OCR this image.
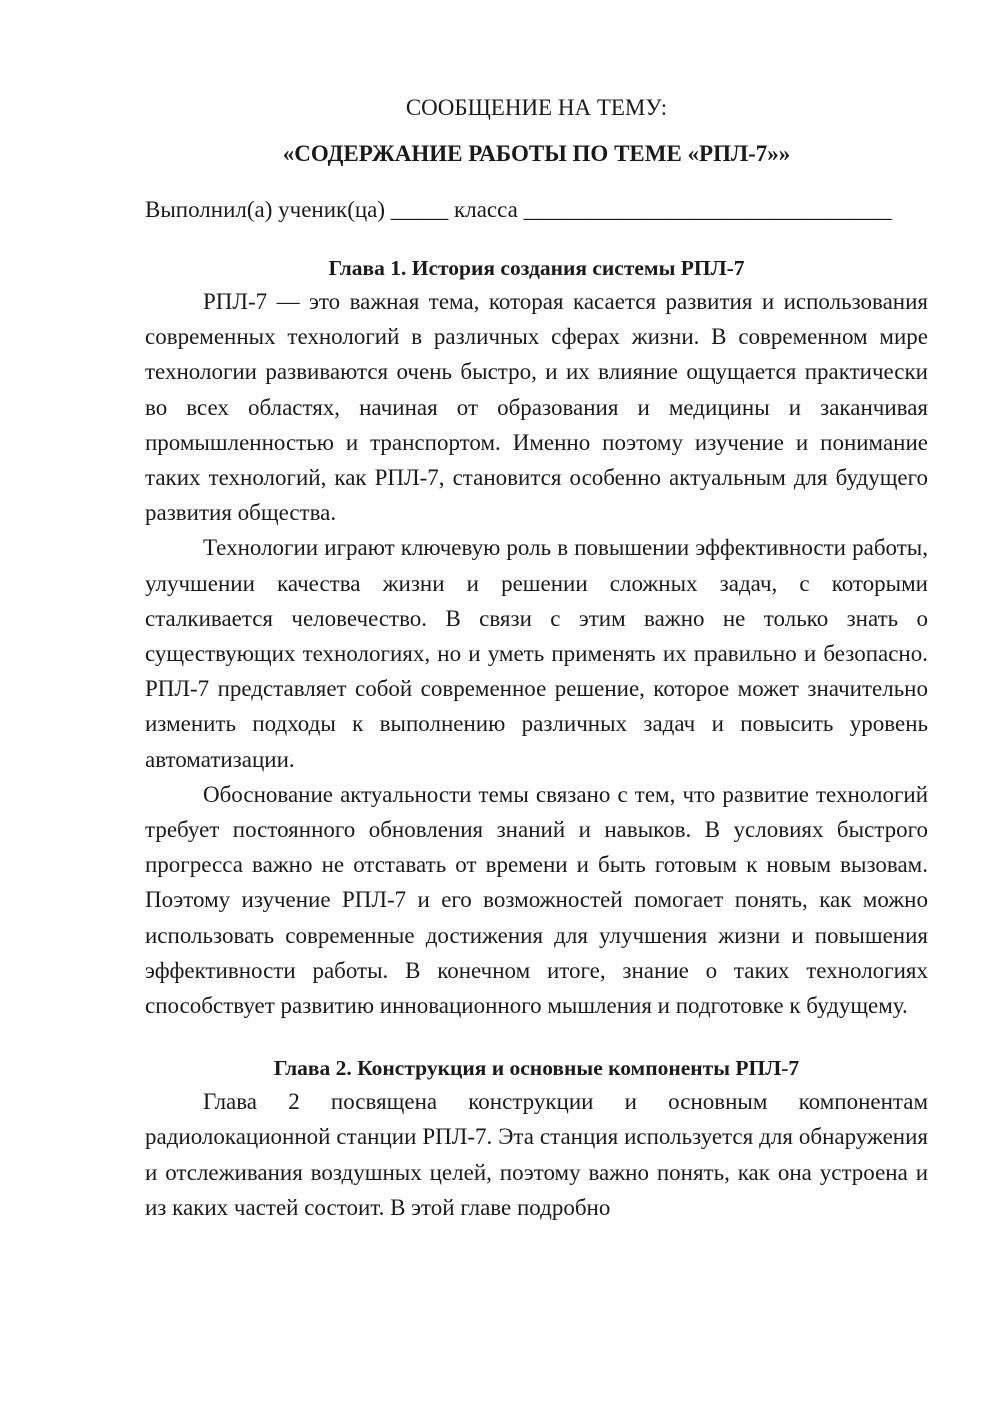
СООБЩЕНИЕ НА ТЕМУ:
«СОДЕРЖАНИЕ РАБОТЫ ПО ТЕМЕ «РПЛ-7»»
Выполнил(а) ученик(ца) _____ класса ________________________________
Глава 1. История создания системы РПЛ-7

РПЛ-7 — это важная тема, которая касается развития и использования современных технологий в различных сферах жизни. В современном мире технологии развиваются очень быстро, и их влияние ощущается практически во всех областях, начиная от образования и медицины и заканчивая промышленностью и транспортом. Именно поэтому изучение и понимание таких технологий, как РПЛ-7, становится особенно актуальным для будущего развития общества.

Технологии играют ключевую роль в повышении эффективности работы, улучшении качества жизни и решении сложных задач, с которыми сталкивается человечество. В связи с этим важно не только знать о существующих технологиях, но и уметь применять их правильно и безопасно. РПЛ-7 представляет собой современное решение, которое может значительно изменить подходы к выполнению различных задач и повысить уровень автоматизации.

Обоснование актуальности темы связано с тем, что развитие технологий требует постоянного обновления знаний и навыков. В условиях быстрого прогресса важно не отставать от времени и быть готовым к новым вызовам. Поэтому изучение РПЛ-7 и его возможностей помогает понять, как можно использовать современные достижения для улучшения жизни и повышения эффективности работы. В конечном итоге, знание о таких технологиях способствует развитию инновационного мышления и подготовке к будущему.

Глава 2. Конструкция и основные компоненты РПЛ-7

Глава 2 посвящена конструкции и основным компонентам радиолокационной станции РПЛ-7. Эта станция используется для обнаружения и отслеживания воздушных целей, поэтому важно понять, как она устроена и из каких частей состоит. В этой главе подробно
